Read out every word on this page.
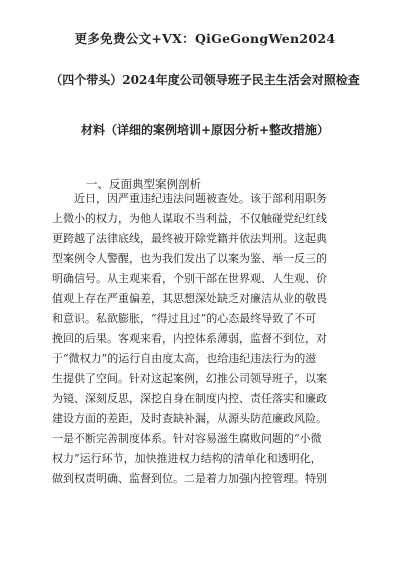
更多免费公文+VX：QiGeGongWen2024
（四个带头）2024年度公司领导班子民主生活会对照检查
材料（详细的案例培训+原因分析+整改措施）
一、反面典型案例剖析
近日，因严重违纪违法问题被查处。该于部利用职务
上微小的权力，为他人谋取不当利益，不仅触碰党纪红线
更跨越了法律底线，最终被开除党籍并依法判刑。这起典
型案例令人警醒，也为我们发出了以案为鉴、举一反三的
明确信号。从主观来看，个别干部在世界观、人生观、价
值观上存在严重偏差，其思想深处缺乏对廉洁从业的敬畏
和意识。私欲膨胀，“得过且过”的心态最终导致了不可
挽回的后果。客观来看，内控体系薄弱，监督不到位，对
于“微权力”的运行自由度太高，也给违纪违法行为的滋
生提供了空间。针对这起案例，幻推公司领导班子，以案
为镜、深刻反思，深挖自身在制度内控、责任落实和廉政
建设方面的差距，及时查缺补漏，从源头防范廉政风险。
一是不断完善制度体系。针对容易滋生腐败问题的“小微
权力”运行环节，加快推进权力结构的清单化和透明化，
做到权责明确、监督到位。二是着力加强内控管理。特别
